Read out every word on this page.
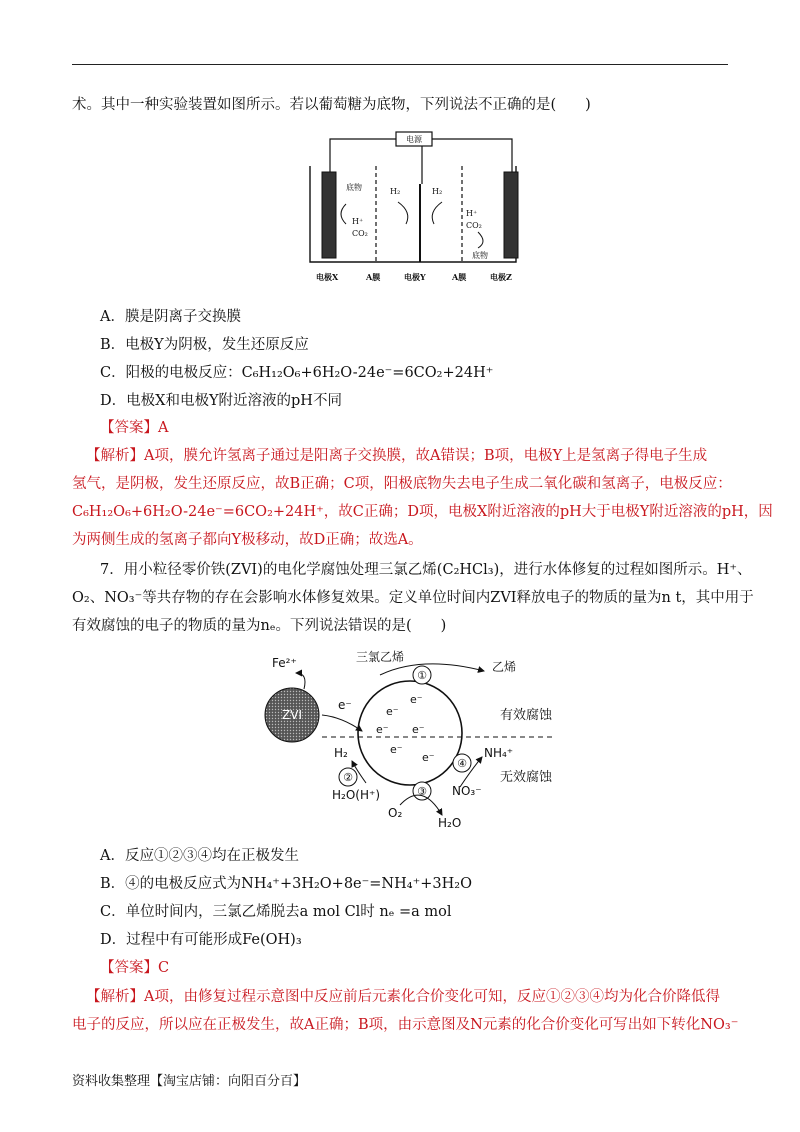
术。其中一种实验装置如图所示。若以葡萄糖为底物，下列说法不正确的是(　　)
电源
底物
H⁺
CO₂
H₂	H₂
H⁺
CO₂
底物
电极X	A膜	电极Y	A膜	电极Z
A．膜是阴离子交换膜
B．电极Y为阴极，发生还原反应
C．阳极的电极反应：C₆H₁₂O₆+6H₂O-24e⁻=6CO₂+24H⁺
D．电极X和电极Y附近溶液的pH不同
【答案】A
【解析】A项，膜允许氢离子通过是阳离子交换膜，故A错误；B项，电极Y上是氢离子得电子生成
氢气，是阴极，发生还原反应，故B正确；C项，阳极底物失去电子生成二氧化碳和氢离子，电极反应：
C₆H₁₂O₆+6H₂O-24e⁻=6CO₂+24H⁺，故C正确；D项，电极X附近溶液的pH大于电极Y附近溶液的pH，因
为两侧生成的氢离子都向Y极移动，故D正确；故选A。
7．用小粒径零价铁(ZVI)的电化学腐蚀处理三氯乙烯(C₂HCl₃)，进行水体修复的过程如图所示。H⁺、
O₂、NO₃⁻等共存物的存在会影响水体修复效果。定义单位时间内ZVI释放电子的物质的量为n t，其中用于
有效腐蚀的电子的物质的量为nₑ。下列说法错误的是(　　)
ZVI
Fe²⁺	三氯乙烯
乙烯
①
e⁻	e⁻
e⁻
e⁻ e⁻
e⁻
e⁻
有效腐蚀
无效腐蚀
H₂
②
H₂O(H⁺)
NH₄⁺
④
NO₃⁻
③
O₂
H₂O
A．反应①②③④均在正极发生
B．④的电极反应式为NH₄⁺+3H₂O+8e⁻=NH₄⁺+3H₂O
C．单位时间内，三氯乙烯脱去a mol Cl时 nₑ =a mol
D．过程中有可能形成Fe(OH)₃
【答案】C
【解析】A项，由修复过程示意图中反应前后元素化合价变化可知，反应①②③④均为化合价降低得
电子的反应，所以应在正极发生，故A正确；B项，由示意图及N元素的化合价变化可写出如下转化NO₃⁻
资料收集整理【淘宝店铺：向阳百分百】
